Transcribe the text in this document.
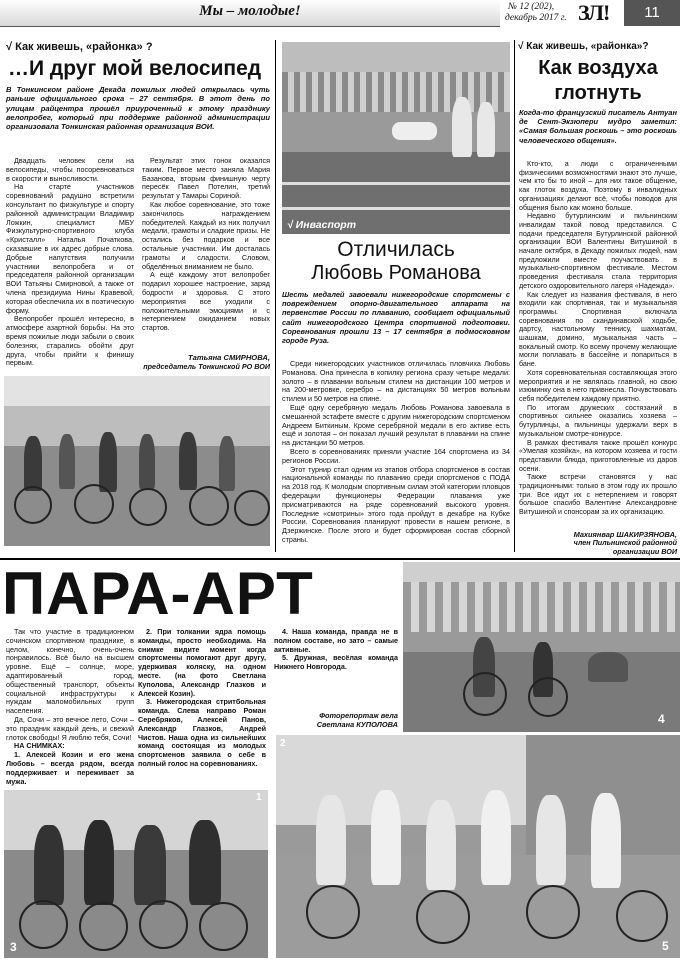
Мы – молодые!	№ 12 (202),
декабрь 2017 г. ЗЛ!	11
√ Как живешь, «районка» ?
…И друг мой велосипед
В Тонкинском районе Декада пожилых людей открылась чуть раньше официального срока – 27 сентября. В этот день по улицам райцентра прошёл приуроченный к этому празднику велопробег, который при поддержке районной администрации организовала Тонкинская районная организация ВОИ.

Двадцать человек сели на велосипеды, чтобы посоревноваться в скорости и выносливости.

На старте участников соревнований радушно встретили консультант по физкультуре и спорту районной администрации Владимир Ложкин, специалист МБУ Физкультурно-спортивного клуба «Кристалл» Наталья Початкова, сказавшие в их адрес добрые слова. Добрые напутствия получили участники велопробега и от председателя районной организации ВОИ Татьяны Смирновой, а также от члена президиума Нины Кравевой, которая обеспечила их в поэтическую форму.

Велопробег прошёл интересно, в атмосфере азартной борьбы. На это время пожилые люди забыли о своих болезнях, старались обойти друг друга, чтобы прийти к финишу первым.

Результат этих гонок оказался таким. Первое место заняла Мария Базанова, вторым финишную черту пересёк Павел Потелин, третий результат у Тамары Сориной.

Как любое соревнование, это тоже закончилось награждением победителей. Каждый из них получил медали, грамоты и сладкие призы. Не остались без подарков и все остальные участники. Им досталась грамоты и сладости. Словом, обделённых вниманием не было.

А ещё каждому этот велопробег подарил хорошее настроение, заряд бодрости и здоровья. С этого мероприятия все уходили с положительными эмоциями и с нетерпением ожиданием новых стартов.

Татьяна СМИРНОВА,
председатель Тонкинской РО ВОИ
√ Инваспорт
Отличилась
Любовь Романова
Шесть медалей завоевали нижегородские спортсмены с повреждением опорно-двигательного аппарата на первенстве России по плаванию, сообщает официальный сайт нижегородского Центра спортивной подготовки. Соревнования прошли 13 – 17 сентября в подмосковном городе Руза.

Среди нижегородских участников отличилась пловчиха Любовь Романова. Она принесла в копилку региона сразу четыре медали: золото – в плавании вольным стилем на дистанции 100 метров и на 200-метровке, серебро – на дистанциях 50 метров вольным стилем и 50 метров на спине.

Ещё одну серебряную медаль Любовь Романова завоевала в смешанной эстафете вместе с другим нижегородским спортсменом Андреем Биткиным. Кроме серебряной медали в его активе есть ещё и золотая – он показал лучший результат в плавании на спине на дистанции 50 метров.

Всего в соревнованиях приняли участие 164 спортсмена из 34 регионов России.

Этот турнир стал одним из этапов отбора спортсменов в состав национальной команды по плаванию среди спортсменов с ПОДА на 2018 год. К молодым спортивным силам этой категории пловцов федерации функционеры Федерации плавания уже присматриваются на ряде соревнований высокого уровня. Последние «смотрины» этого года пройдут в декабре на Кубке России. Соревнования планируют провести в нашем регионе, в Дзержинске. После этого и будет сформирован состав сборной страны.

√ Как живешь, «районка»?
Как воздуха
глотнуть
Когда-то французский писатель Антуан де Сент-Экзюпери мудро заметил: «Самая большая роскошь – это роскошь человеческого общения».

Кто-кто, а люди с ограниченными физическими возможностями знают это лучше, чем кто бы то иной – для них такое общение, как глоток воздуха. Поэтому в инвалидных организациях делают всё, чтобы поводов для общения было как можно больше.

Недавно бутурлинским и пильнинским инвалидам такой повод представился. С подачи председателя Бутурлинской районной организации ВОИ Валентины Витушиной в начале октября, в Декаду пожилых людей, нам предложили вместе поучаствовать в музыкально-спортивном фестивале. Местом проведения фестиваля стала территория детского оздоровительного лагеря «Надежда».

Как следует из названия фестиваля, в него входили как спортивная, так и музыкальная программы. Спортивная включала соревнования по скандинавской ходьбе, дартсу, настольному теннису, шахматам, шашкам, домино, музыкальная часть – вокальный смотр. Ко всему прочему желающие могли поплавать в бассейне и попариться в бане.

Хотя соревновательная составляющая этого мероприятия и не являлась главной, но свою изюминку она в него привнесла. Почувствовать себя победителем каждому приятно.

По итогам дружеских состязаний в спортивных сильнее оказались хозяева – бутурлинцы, а пильнинцы удержали верх в музыкальном смотре-конкурсе.

В рамках фестиваля также прошёл конкурс «Умелая хозяйка», на котором хозяева и гости представили блюда, приготовленные из даров осени.

Также встречи становятся у нас традиционными: только в этом году их прошло три. Все идут их с нетерпением и говорят большое спасибо Валентине Александровне Витушиной и спонсорам за их организацию.

Махиянвар ШАКИРЗЯНОВА,
член Пильнинской районной организации ВОИ
ПАРА-АРТ

Так что участие в традиционном сочинском спортивном празднике, в целом, конечно, очень-очень понравилось. Всё было на высшем уровне. Ещё – солнце, море, адаптированный город, общественный транспорт, объекты социальной инфраструктуры к нуждам маломобильных групп населения.

Да, Сочи – это вечное лето, Сочи – это праздник каждый день, и свежий глоток свободы! Я люблю тебя, Сочи!

НА СНИМКАХ:

1. Алексей Козин и его жена Любовь – всегда рядом, всегда поддерживает и переживает за мужа.

2. При толкании ядра помощь команды, просто необходима. На снимке видите момент когда спортсмены помогают друг другу, удерживая коляску, на одном месте. (на фото Светлана Куполова, Александр Глазков и Алексей Козин).

3. Нижегородская стритбольная команда. Слева направо Роман Серебряков, Алексей Панов, Александр Глазков, Андрей Чистов. Наша одна из сильнейших команд состоящая из молодых спортсменов заявила о себе в полный голос на соревнованиях.

4. Наша команда, правда не в полном составе, но зато – самые активные.

5. Дружная, весёлая команда Нижнего Новгорода.

Фоторепортаж вела
Светлана КУПОЛОВА	4
3	5
1
2
